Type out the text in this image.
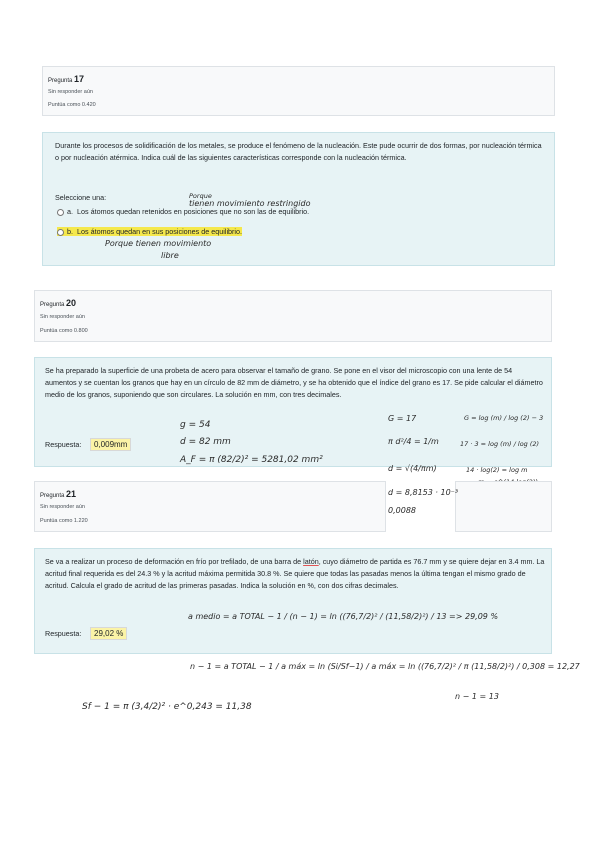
Pregunta 17
Sin responder aún
Puntúa como 0.420
Durante los procesos de solidificación de los metales, se produce el fenómeno de la nucleación. Este pude ocurrir de dos formas, por nucleación térmica o por nucleación atérmica. Indica cuál de las siguientes características corresponde con la nucleación térmica.
Seleccione una:
a. Los átomos quedan retenidos en posiciones que no son las de equilibrio.
b. Los átomos quedan en sus posiciones de equilibrio.
Porque
tienen movimiento restringido
Porque tienen movimiento
libre
Pregunta 20
Sin responder aún
Puntúa como 0.800
Se ha preparado la superficie de una probeta de acero para observar el tamaño de grano. Se pone en el visor del microscopio con una lente de 54 aumentos y se cuentan los granos que hay en un círculo de 82 mm de diámetro, y se ha obtenido que el índice del grano es 17. Se pide calcular el diámetro medio de los granos, suponiendo que son circulares. La solución en mm, con tres decimales.
Respuesta:	0,009mm
g = 54
d = 82 mm
A_F = π (82/2)² = 5281,02 mm²
G = 17	G = log (m) / log (2) − 3
π d²/4 = 1/m	17 · 3 = log (m) / log (2)
d = √(4/πm)	14 · log(2) = log m
Pregunta 21
Sin responder aún
Puntúa como 1.220
d = 8,8153 · 10⁻³
0,0088
Se va a realizar un proceso de deformación en frío por trefilado, de una barra de latón, cuyo diámetro de partida es 76.7 mm y se quiere dejar en 3.4 mm. La acritud final requerida es del 24.3 % y la acritud máxima permitida 30.8 %. Se quiere que todas las pasadas menos la última tengan el mismo grado de acritud. Calcula el grado de acritud de las primeras pasadas. Indica la solución en %, con dos cifras decimales.
Respuesta:	29,02 %
a medio = a TOTAL − 1 / (n − 1) = ln ((76,7/2)² / (11,58/2)²) / 13 => 29,09 %
n − 1 = a TOTAL − 1 / a máx = ln (Si/Sf−1) / a máx = ln ((76,7/2)² / π (11,58/2)²) / 0,308 = 12,27
n − 1 = 13
Sf − 1 = π (3,4/2)² · e^0,243 = 11,38
